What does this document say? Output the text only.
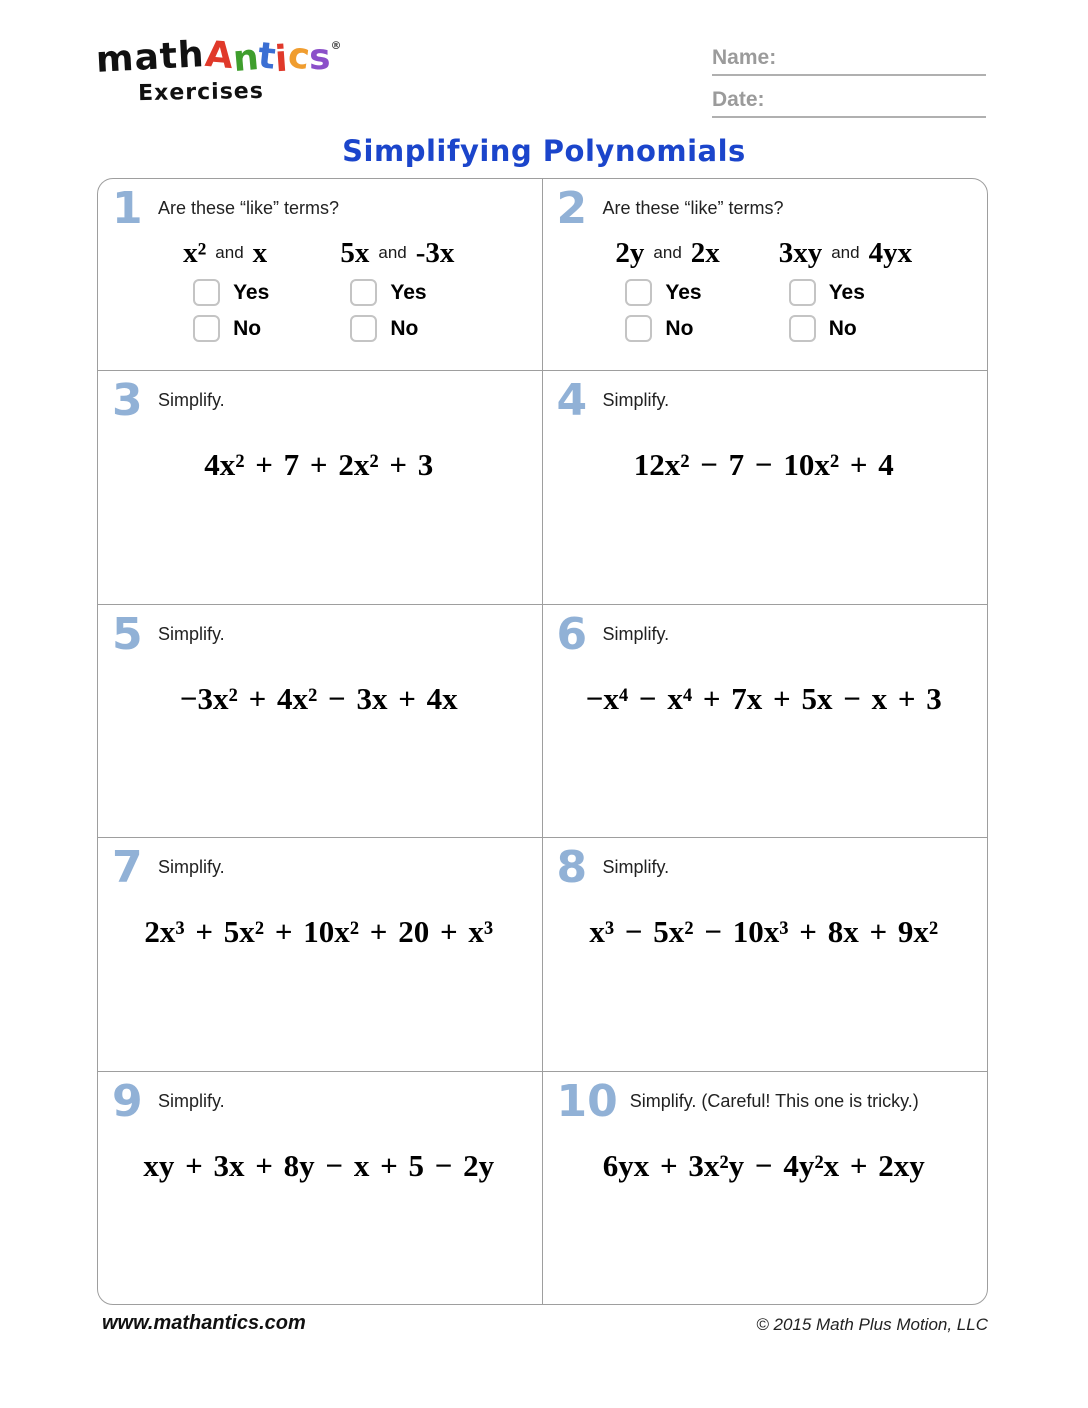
mathAntics®
Exercises
Name:
Date:
Simplifying Polynomials
1 Are these “like” terms?
x² and x
Yes
No
5x and -3x
Yes
No
2 Are these “like” terms?
2y and 2x
Yes
No
3xy and 4yx
Yes
No
3 Simplify.
4x² + 7 + 2x² + 3
4 Simplify.
12x² − 7 − 10x² + 4
5 Simplify.
−3x² + 4x² − 3x + 4x
6 Simplify.
−x⁴ − x⁴ + 7x + 5x − x + 3
7 Simplify.
2x³ + 5x² + 10x² + 20 + x³
8 Simplify.
x³ − 5x² − 10x³ + 8x + 9x²
9 Simplify.
xy + 3x + 8y − x + 5 − 2y
10 Simplify. (Careful! This one is tricky.)
6yx + 3x²y − 4y²x + 2xy
www.mathantics.com	© 2015 Math Plus Motion, LLC
